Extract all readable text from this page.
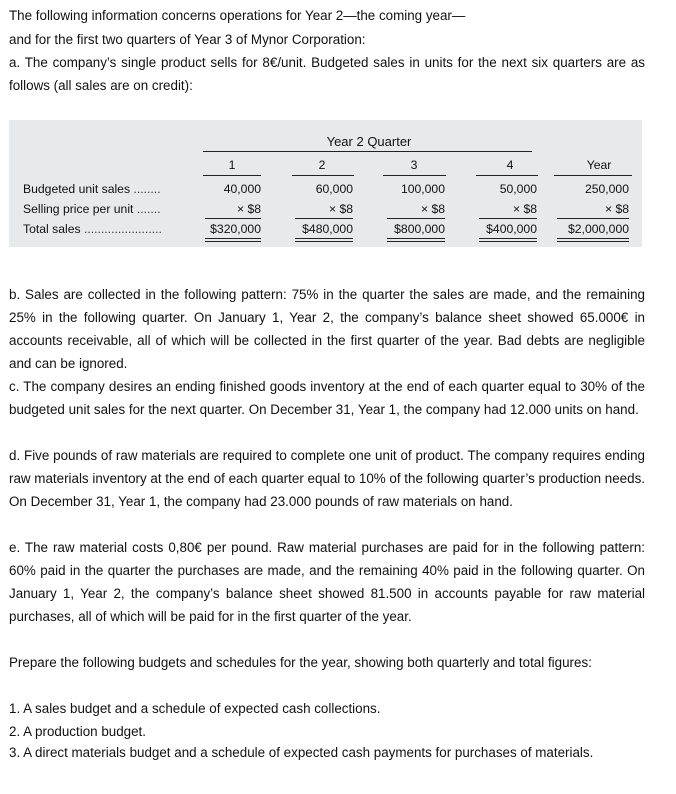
The following information concerns operations for Year 2—the coming year—
and for the first two quarters of Year 3 of Mynor Corporation:
a. The company’s single product sells for 8€/unit. Budgeted sales in units for the next six quarters are as follows (all sales are on credit):
Year 2 Quarter
1	2	3	4	Year
Budgeted unit sales ........	40,000	60,000	100,000	50,000	250,000
Selling price per unit .......	× $8	× $8	× $8	× $8	× $8
Total sales .......................	$320,000	$480,000	$800,000	$400,000	$2,000,000
b. Sales are collected in the following pattern: 75% in the quarter the sales are made, and the remaining 25% in the following quarter. On January 1, Year 2, the company’s balance sheet showed 65.000€ in accounts receivable, all of which will be collected in the first quarter of the year. Bad debts are negligible and can be ignored.
c. The company desires an ending finished goods inventory at the end of each quarter equal to 30% of the budgeted unit sales for the next quarter. On December 31, Year 1, the company had 12.000 units on hand.
d. Five pounds of raw materials are required to complete one unit of product. The company requires ending raw materials inventory at the end of each quarter equal to 10% of the following quarter’s production needs. On December 31, Year 1, the company had 23.000 pounds of raw materials on hand.
e. The raw material costs 0,80€ per pound. Raw material purchases are paid for in the following pattern: 60% paid in the quarter the purchases are made, and the remaining 40% paid in the following quarter. On January 1, Year 2, the company’s balance sheet showed 81.500 in accounts payable for raw material purchases, all of which will be paid for in the first quarter of the year.
Prepare the following budgets and schedules for the year, showing both quarterly and total figures:
1. A sales budget and a schedule of expected cash collections.
2. A production budget.
3. A direct materials budget and a schedule of expected cash payments for purchases of materials.
